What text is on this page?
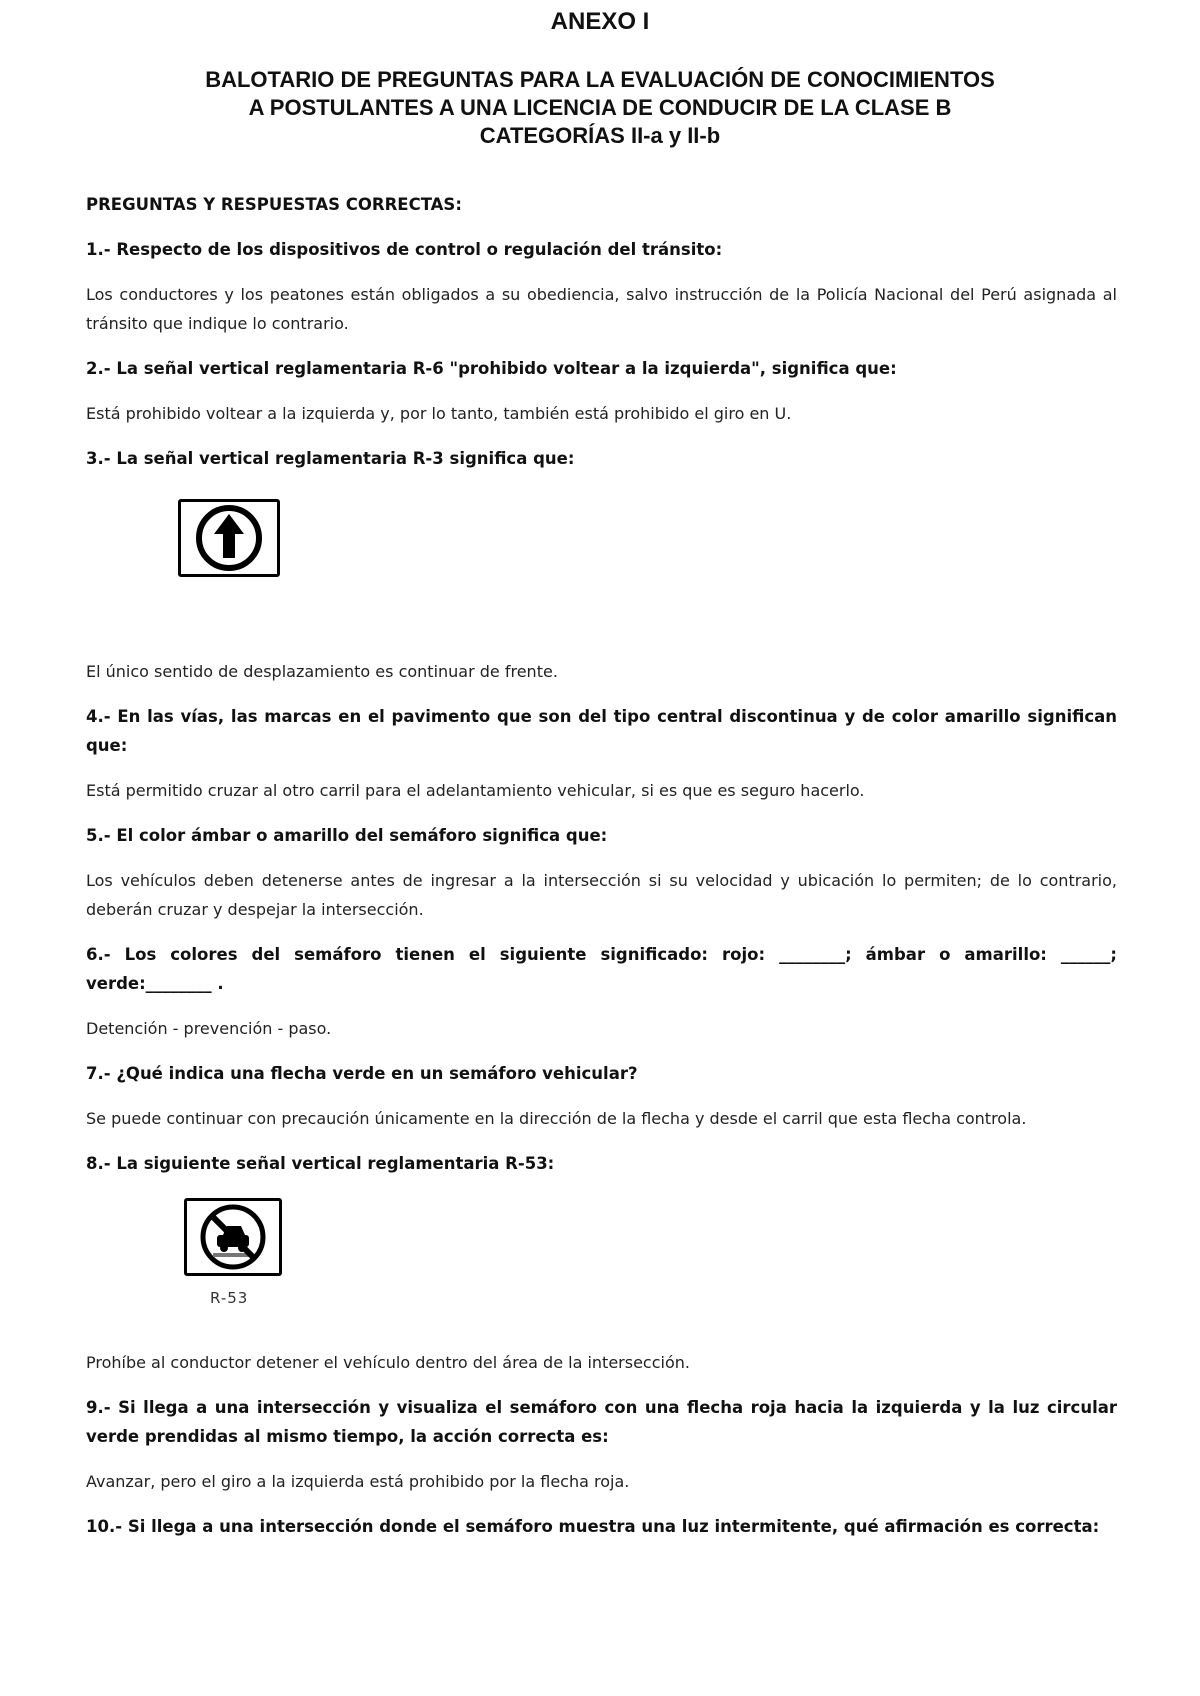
ANEXO I
BALOTARIO DE PREGUNTAS PARA LA EVALUACIÓN DE CONOCIMIENTOS
A POSTULANTES A UNA LICENCIA DE CONDUCIR DE LA CLASE B
CATEGORÍAS II-a y II-b
PREGUNTAS Y RESPUESTAS CORRECTAS:
1.- Respecto de los dispositivos de control o regulación del tránsito:
Los conductores y los peatones están obligados a su obediencia, salvo instrucción de la Policía Nacional del Perú asignada al tránsito que indique lo contrario.
2.- La señal vertical reglamentaria R-6 "prohibido voltear a la izquierda", significa que:
Está prohibido voltear a la izquierda y, por lo tanto, también está prohibido el giro en U.
3.- La señal vertical reglamentaria R-3 significa que:
El único sentido de desplazamiento es continuar de frente.
4.- En las vías, las marcas en el pavimento que son del tipo central discontinua y de color amarillo significan que:
Está permitido cruzar al otro carril para el adelantamiento vehicular, si es que es seguro hacerlo.
5.- El color ámbar o amarillo del semáforo significa que:
Los vehículos deben detenerse antes de ingresar a la intersección si su velocidad y ubicación lo permiten; de lo contrario, deberán cruzar y despejar la intersección.
6.- Los colores del semáforo tienen el siguiente significado: rojo: ________; ámbar o amarillo: ______; verde:________ .
Detención - prevención - paso.
7.- ¿Qué indica una flecha verde en un semáforo vehicular?
Se puede continuar con precaución únicamente en la dirección de la flecha y desde el carril que esta flecha controla.
8.- La siguiente señal vertical reglamentaria R-53:
R-53
Prohíbe al conductor detener el vehículo dentro del área de la intersección.
9.- Si llega a una intersección y visualiza el semáforo con una flecha roja hacia la izquierda y la luz circular verde prendidas al mismo tiempo, la acción correcta es:
Avanzar, pero el giro a la izquierda está prohibido por la flecha roja.
10.- Si llega a una intersección donde el semáforo muestra una luz intermitente, qué afirmación es correcta:
